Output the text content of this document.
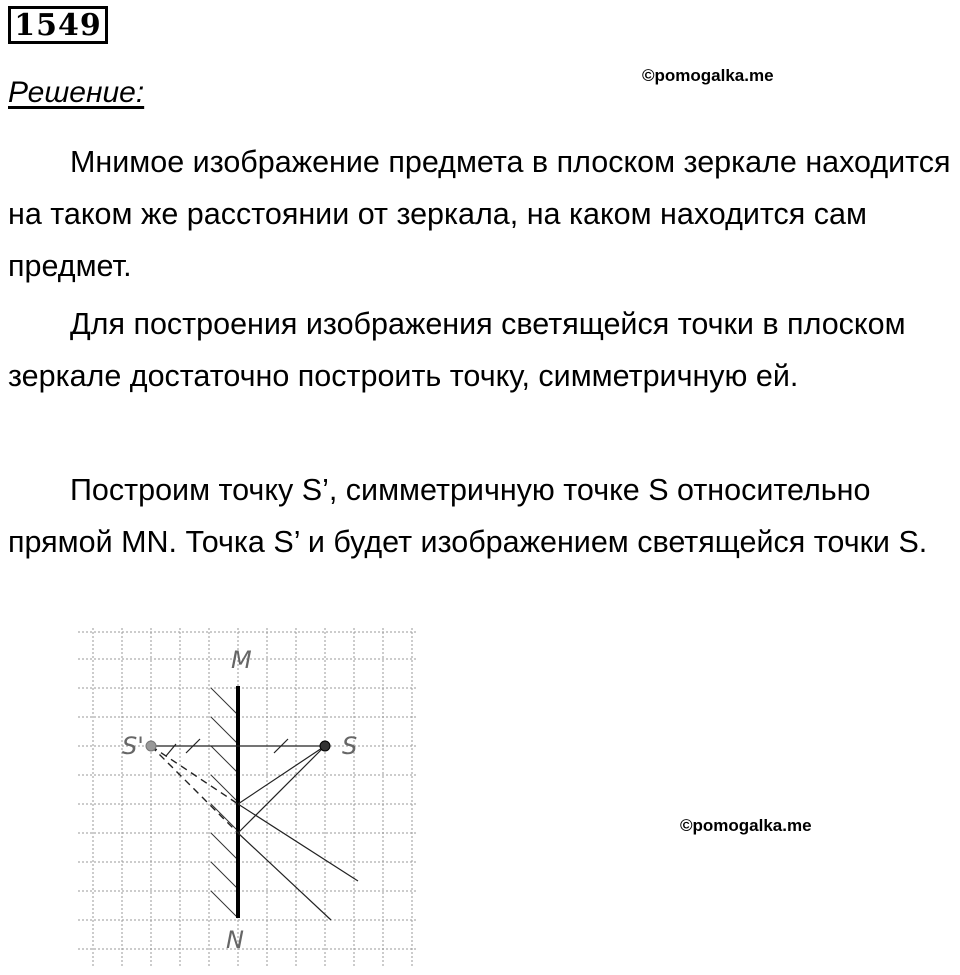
1549
©pomogalka.me
Решение:

Мнимое изображение предмета в плоском зеркале находится на таком же расстоянии от зеркала, на каком находится сам предмет.

Для построения изображения светящейся точки в плоском зеркале достаточно построить точку, симметричную ей.

Построим точку S’, симметричную точке S относительно прямой MN. Точка S’ и будет изображением светящейся точки S.

M
N
S
S'
©pomogalka.me
